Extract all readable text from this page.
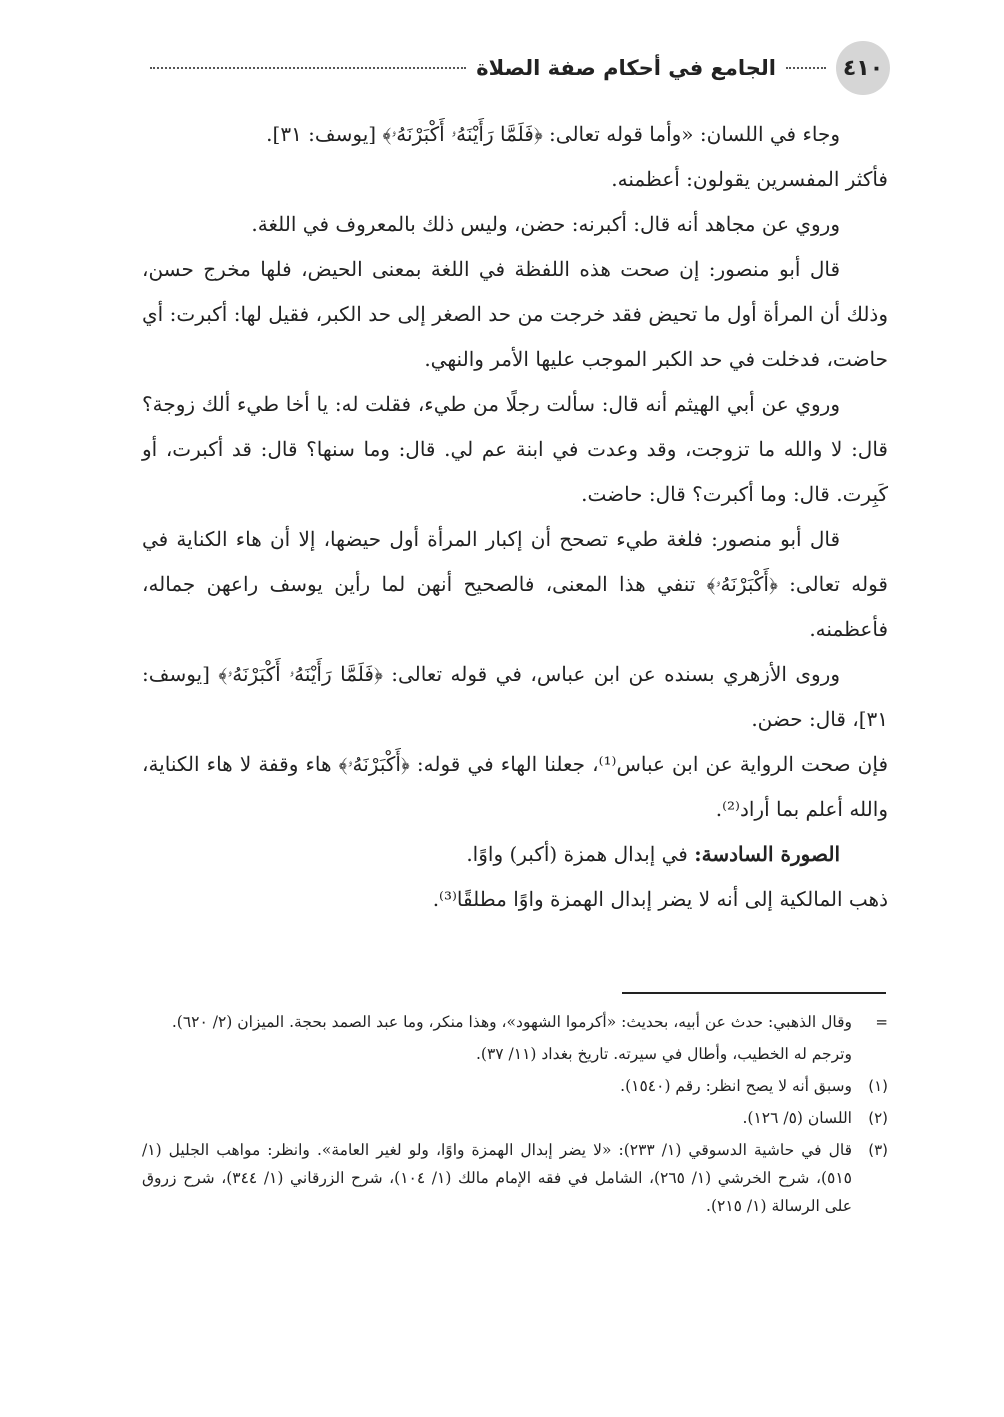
٤١٠
الجامع في أحكام صفة الصلاة

وجاء في اللسان: «وأما قوله تعالى: ﴿فَلَمَّا رَأَيْنَهُۥ أَكْبَرْنَهُۥ﴾ [يوسف: ٣١].

فأكثر المفسرين يقولون: أعظمنه.

وروي عن مجاهد أنه قال: أكبرنه: حضن، وليس ذلك بالمعروف في اللغة.

قال أبو منصور: إن صحت هذه اللفظة في اللغة بمعنى الحيض، فلها مخرج حسن، وذلك أن المرأة أول ما تحيض فقد خرجت من حد الصغر إلى حد الكبر، فقيل لها: أكبرت: أي حاضت، فدخلت في حد الكبر الموجب عليها الأمر والنهي.

وروي عن أبي الهيثم أنه قال: سألت رجلًا من طيء، فقلت له: يا أخا طيء ألك زوجة؟ قال: لا والله ما تزوجت، وقد وعدت في ابنة عم لي. قال: وما سنها؟ قال: قد أكبرت، أو كَبِرت. قال: وما أكبرت؟ قال: حاضت.

قال أبو منصور: فلغة طيء تصحح أن إكبار المرأة أول حيضها، إلا أن هاء الكناية في قوله تعالى: ﴿أَكْبَرْنَهُۥ﴾ تنفي هذا المعنى، فالصحيح أنهن لما رأين يوسف راعهن جماله، فأعظمنه.

وروى الأزهري بسنده عن ابن عباس، في قوله تعالى: ﴿فَلَمَّا رَأَيْنَهُۥ أَكْبَرْنَهُۥ﴾ [يوسف: ٣١]، قال: حضن.

فإن صحت الرواية عن ابن عباس⁽¹⁾، جعلنا الهاء في قوله: ﴿أَكْبَرْنَهُۥ﴾ هاء وقفة لا هاء الكناية، والله أعلم بما أراد⁽²⁾.

الصورة السادسة: في إبدال همزة (أكبر) واوًا.

ذهب المالكية إلى أنه لا يضر إبدال الهمزة واوًا مطلقًا⁽³⁾.

=
وقال الذهبي: حدث عن أبيه، بحديث: «أكرموا الشهود»، وهذا منكر، وما عبد الصمد بحجة. الميزان (٢/ ٦٢٠).
وترجم له الخطيب، وأطال في سيرته. تاريخ بغداد (١١/ ٣٧).
(١)
وسبق أنه لا يصح انظر: رقم (١٥٤٠).
(٢)
اللسان (٥/ ١٢٦).
(٣)
قال في حاشية الدسوقي (١/ ٢٣٣): «لا يضر إبدال الهمزة واوًا، ولو لغير العامة». وانظر: مواهب الجليل (١/ ٥١٥)، شرح الخرشي (١/ ٢٦٥)، الشامل في فقه الإمام مالك (١/ ١٠٤)، شرح الزرقاني (١/ ٣٤٤)، شرح زروق على الرسالة (١/ ٢١٥).
